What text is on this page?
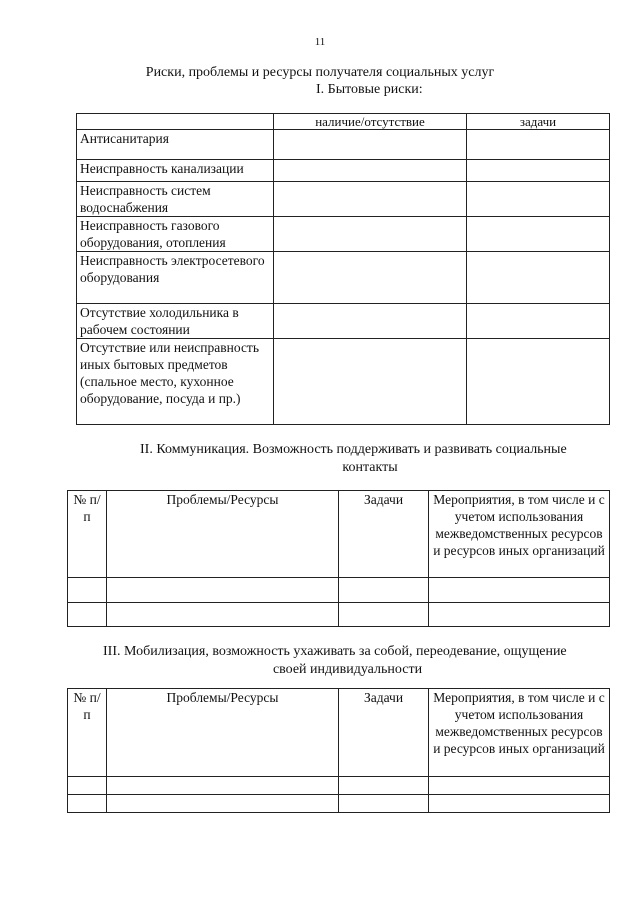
11
Риски, проблемы и ресурсы получателя социальных услуг
I. Бытовые риски:
	наличие/отсутствие	задачи
Антисанитария		
Неисправность канализации		
Неисправность систем водоснабжения		
Неисправность газового оборудования, отопления		
Неисправность электросетевого оборудования		
Отсутствие холодильника в рабочем состоянии		
Отсутствие или неисправность иных бытовых предметов (спальное место, кухонное оборудование, посуда и пр.)		
II. Коммуникация. Возможность поддерживать и развивать социальные
контакты
№ п/п	Проблемы/Ресурсы	Задачи	Мероприятия, в том числе и с учетом использования межведомственных ресурсов и ресурсов иных организаций

III. Мобилизация, возможность ухаживать за собой, переодевание, ощущение
своей индивидуальности
№ п/п	Проблемы/Ресурсы	Задачи	Мероприятия, в том числе и с учетом использования межведомственных ресурсов и ресурсов иных организаций
